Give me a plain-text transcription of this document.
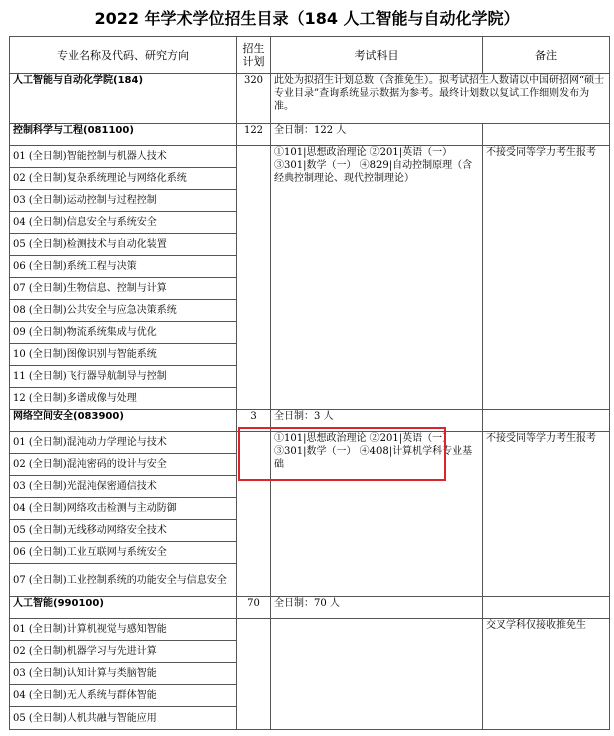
2022 年学术学位招生目录（184 人工智能与自动化学院）
专业名称及代码、研究方向	招生计划	考试科目	备注
人工智能与自动化学院(184)	320	此处为拟招生计划总数（含推免生）。拟考试招生人数请以中国研招网“硕士专业目录”查询系统显示数据为参考。最终计划数以复试工作细则发布为准。	
控制科学与工程(081100)	122	全日制：122 人	
01 (全日制)智能控制与机器人技术		①101|思想政治理论 ②201|英语（一）③301|数学（一） ④829|自动控制原理（含经典控制理论、现代控制理论）	不接受同等学力考生报考
02 (全日制)复杂系统理论与网络化系统			
03 (全日制)运动控制与过程控制			
04 (全日制)信息安全与系统安全			
05 (全日制)检测技术与自动化装置			
06 (全日制)系统工程与决策			
07 (全日制)生物信息、控制与计算			
08 (全日制)公共安全与应急决策系统			
09 (全日制)物流系统集成与优化			
10 (全日制)图像识别与智能系统			
11 (全日制)飞行器导航制导与控制			
12 (全日制)多谱成像与处理			
网络空间安全(083900)	3	全日制：3 人	
01 (全日制)混沌动力学理论与技术		①101|思想政治理论 ②201|英语（一）③301|数学（一） ④408|计算机学科专业基础	不接受同等学力考生报考
02 (全日制)混沌密码的设计与安全			
03 (全日制)光混沌保密通信技术			
04 (全日制)网络攻击检测与主动防御			
05 (全日制)无线移动网络安全技术			
06 (全日制)工业互联网与系统安全			
07 (全日制)工业控制系统的功能安全与信息安全			
人工智能(990100)	70	全日制：70 人	
01 (全日制)计算机视觉与感知智能			交叉学科仅接收推免生
02 (全日制)机器学习与先进计算			
03 (全日制)认知计算与类脑智能			
04 (全日制)无人系统与群体智能			
05 (全日制)人机共融与智能应用			
